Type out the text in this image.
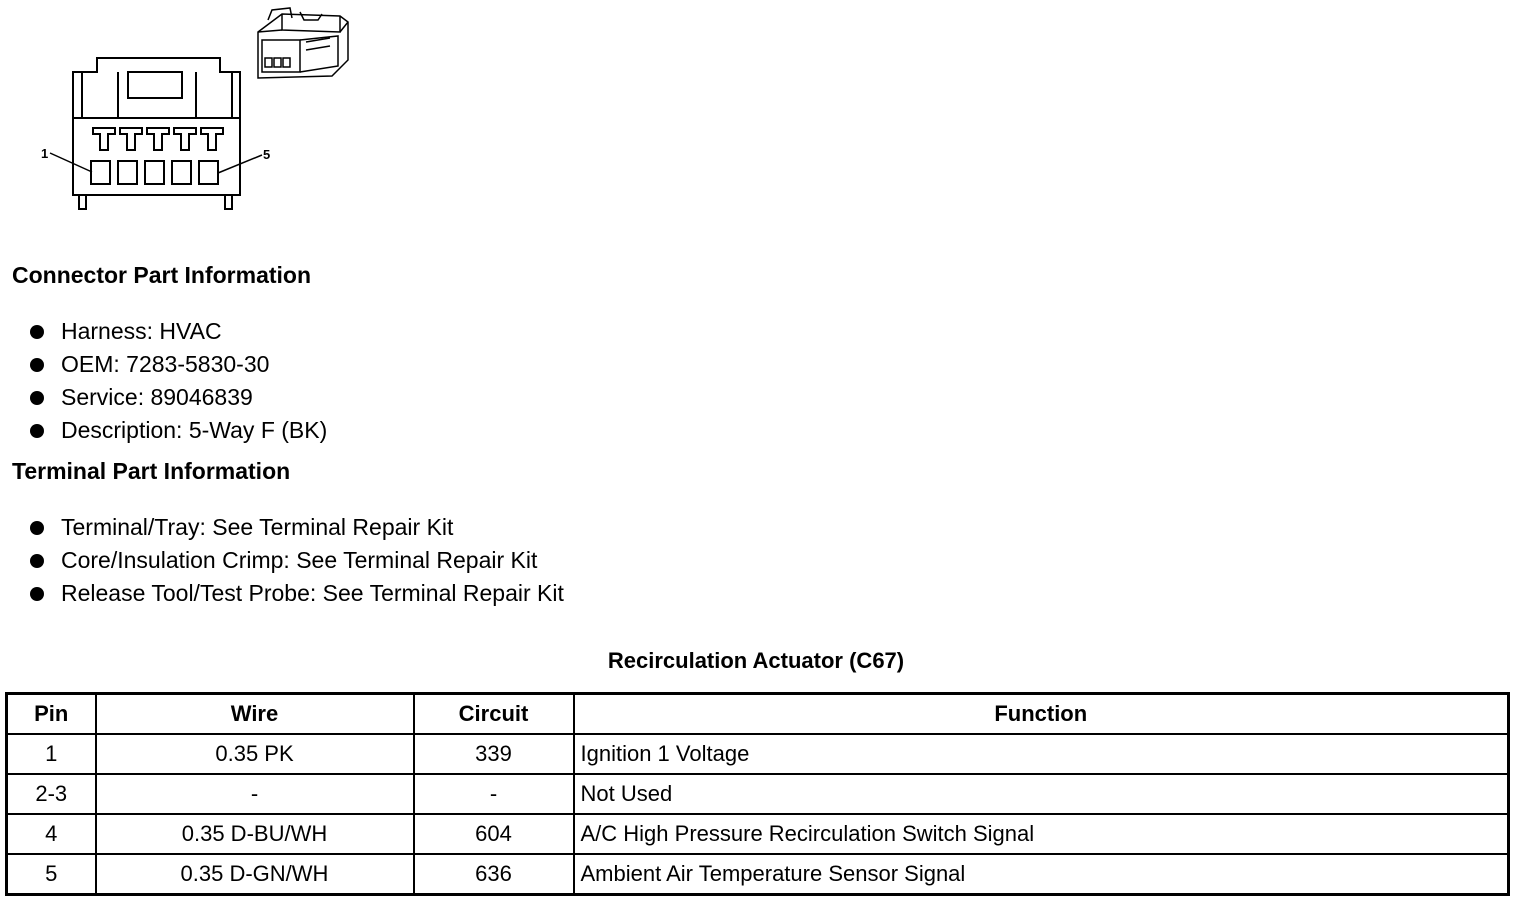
1	5
Connector Part Information
Harness: HVAC
OEM: 7283-5830-30
Service: 89046839
Description: 5-Way F (BK)
Terminal Part Information
Terminal/Tray: See Terminal Repair Kit
Core/Insulation Crimp: See Terminal Repair Kit
Release Tool/Test Probe: See Terminal Repair Kit
Recirculation Actuator (C67)
Pin	Wire	Circuit	Function
1	0.35 PK	339	Ignition 1 Voltage
2-3	-	-	Not Used
4	0.35 D-BU/WH	604	A/C High Pressure Recirculation Switch Signal
5	0.35 D-GN/WH	636	Ambient Air Temperature Sensor Signal
